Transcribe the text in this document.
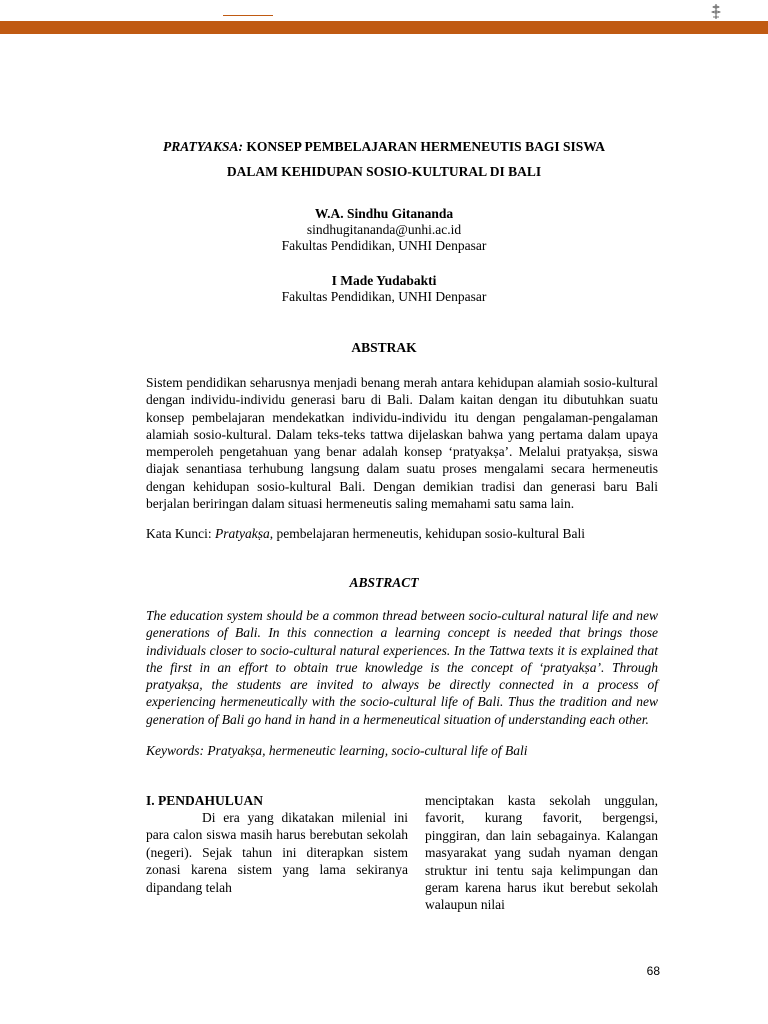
PRATYAKSA: KONSEP PEMBELAJARAN HERMENEUTIS BAGI SISWA
DALAM KEHIDUPAN SOSIO-KULTURAL DI BALI
W.A. Sindhu Gitananda
sindhugitananda@unhi.ac.id
Fakultas Pendidikan, UNHI Denpasar
I Made Yudabakti
Fakultas Pendidikan, UNHI Denpasar
ABSTRAK

Sistem pendidikan seharusnya menjadi benang merah antara kehidupan alamiah sosio-kultural dengan individu-individu generasi baru di Bali. Dalam kaitan dengan itu dibutuhkan suatu konsep pembelajaran mendekatkan individu-individu itu dengan pengalaman-pengalaman alamiah sosio-kultural. Dalam teks-teks tattwa dijelaskan bahwa yang pertama dalam upaya memperoleh pengetahuan yang benar adalah konsep ‘pratyakṣa’. Melalui pratyakṣa, siswa diajak senantiasa terhubung langsung dalam suatu proses mengalami secara hermeneutis dengan kehidupan sosio-kultural Bali. Dengan demikian tradisi dan generasi baru Bali berjalan beriringan dalam situasi hermeneutis saling memahami satu sama lain.

Kata Kunci: Pratyakṣa, pembelajaran hermeneutis, kehidupan sosio-kultural Bali
ABSTRACT

The education system should be a common thread between socio-cultural natural life and new generations of Bali. In this connection a learning concept is needed that brings those individuals closer to socio-cultural natural experiences. In the Tattwa texts it is explained that the first in an effort to obtain true knowledge is the concept of ‘pratyakṣa’. Through pratyakṣa, the students are invited to always be directly connected in a process of experiencing hermeneutically with the socio-cultural life of Bali. Thus the tradition and new generation of Bali go hand in hand in a hermeneutical situation of understanding each other.

Keywords: Pratyakṣa, hermeneutic learning, socio-cultural life of Bali
I. PENDAHULUAN

Di era yang dikatakan milenial ini para calon siswa masih harus berebutan sekolah (negeri). Sejak tahun ini diterapkan sistem zonasi karena sistem yang lama sekiranya dipandang telah

menciptakan kasta sekolah unggulan, favorit, kurang favorit, bergengsi, pinggiran, dan lain sebagainya. Kalangan masyarakat yang sudah nyaman dengan struktur ini tentu saja kelimpungan dan geram karena harus ikut berebut sekolah walaupun nilai

68
